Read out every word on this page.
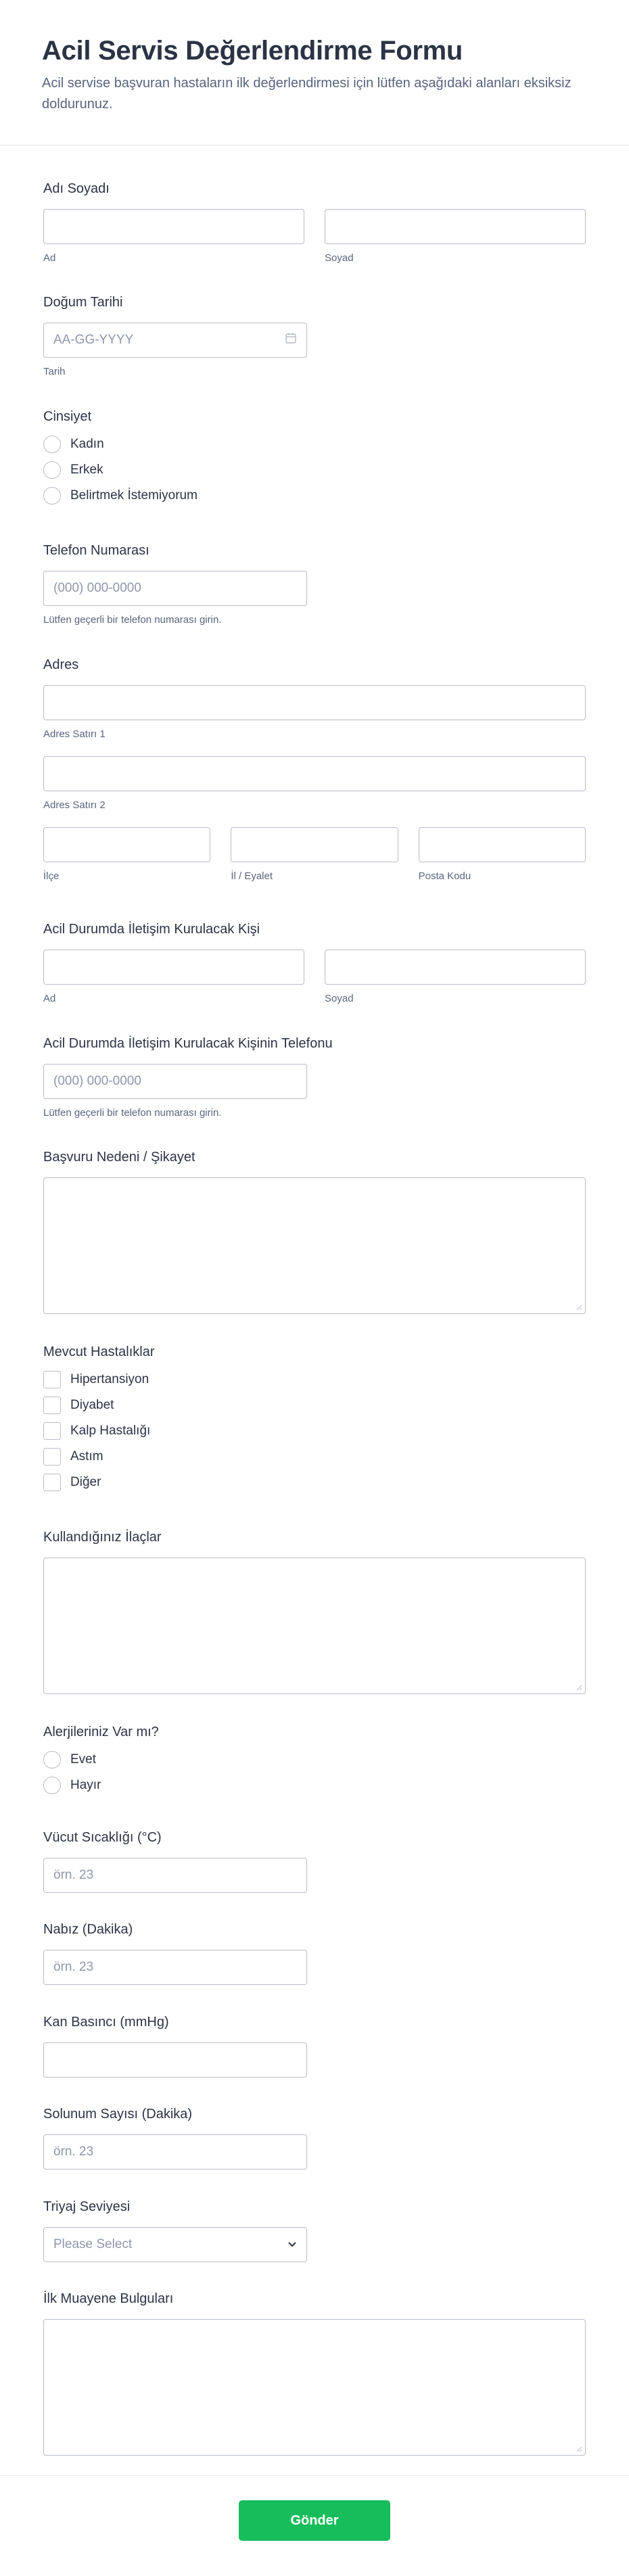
Acil Servis Değerlendirme Formu

Acil servise başvuran hastaların ilk değerlendirmesi için lütfen aşağıdaki alanları eksiksiz doldurunuz.

Adı Soyadı
Ad	Soyad
Doğum Tarihi
AA-GG-YYYY
Tarih
Cinsiyet
Kadın
Erkek
Belirtmek İstemiyorum
Telefon Numarası
(000) 000-0000
Lütfen geçerli bir telefon numarası girin.
Adres
Adres Satırı 1
Adres Satırı 2
İlçe	İl / Eyalet	Posta Kodu
Acil Durumda İletişim Kurulacak Kişi
Ad	Soyad
Acil Durumda İletişim Kurulacak Kişinin Telefonu
(000) 000-0000
Lütfen geçerli bir telefon numarası girin.
Başvuru Nedeni / Şikayet
Mevcut Hastalıklar
Hipertansiyon
Diyabet
Kalp Hastalığı
Astım
Diğer
Kullandığınız İlaçlar
Alerjileriniz Var mı?
Evet
Hayır
Vücut Sıcaklığı (°C)
örn. 23
Nabız (Dakika)
örn. 23
Kan Basıncı (mmHg)
Solunum Sayısı (Dakika)
örn. 23
Triyaj Seviyesi
Please Select
İlk Muayene Bulguları
Gönder
